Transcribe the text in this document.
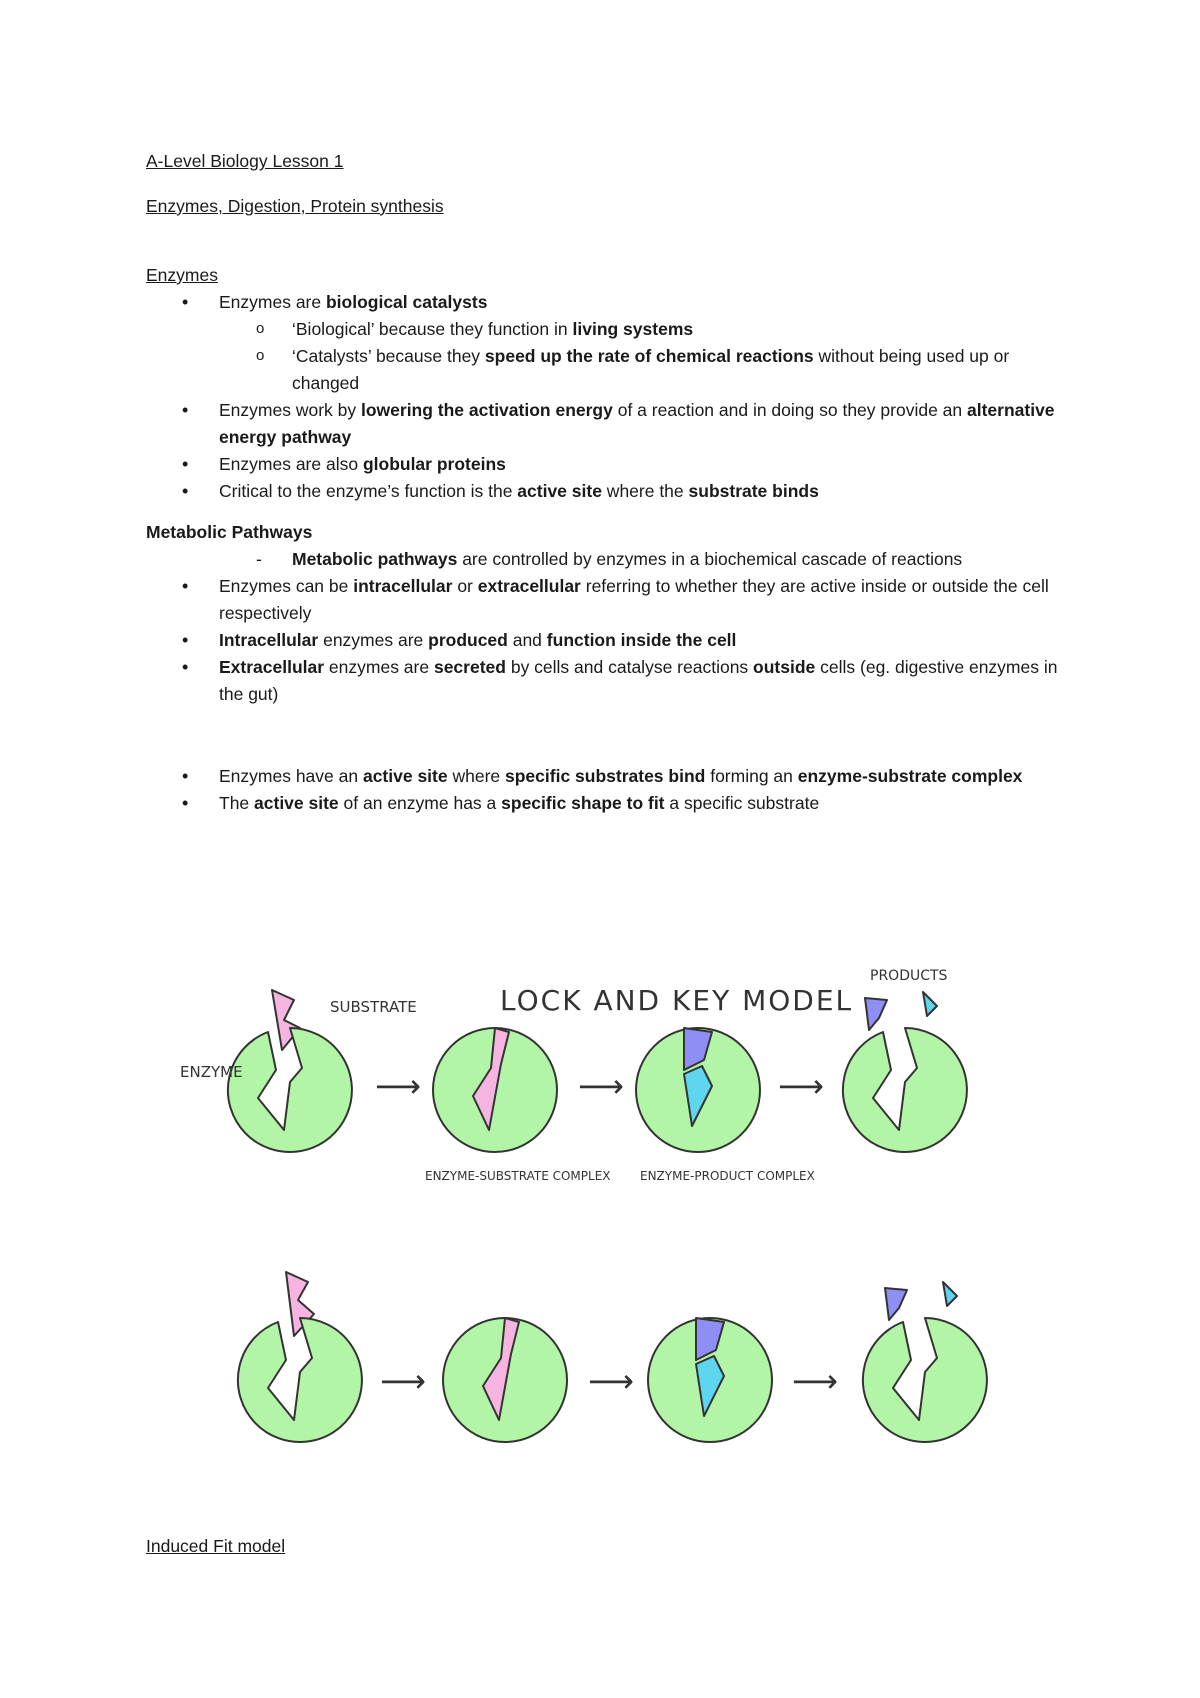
A-Level Biology Lesson 1

Enzymes, Digestion, Protein synthesis

Enzymes

• Enzymes are biological catalysts
o ‘Biological’ because they function in living systems
o ‘Catalysts’ because they speed up the rate of chemical reactions without being used up or changed
• Enzymes work by lowering the activation energy of a reaction and in doing so they provide an alternative energy pathway
• Enzymes are also globular proteins
• Critical to the enzyme’s function is the active site where the substrate binds

Metabolic Pathways

- Metabolic pathways are controlled by enzymes in a biochemical cascade of reactions
• Enzymes can be intracellular or extracellular referring to whether they are active inside or outside the cell respectively
• Intracellular enzymes are produced and function inside the cell
• Extracellular enzymes are secreted by cells and catalyse reactions outside cells (eg. digestive enzymes in the gut)
• Enzymes have an active site where specific substrates bind forming an enzyme-substrate complex
• The active site of an enzyme has a specific shape to fit a specific substrate
LOCK AND KEY MODEL
SUBSTRATE
ENZYME	⟶
ENZYME-SUBSTRATE COMPLEX
⟶
ENZYME-PRODUCT COMPLEX
⟶
PRODUCTS
⟶	⟶	⟶
Induced Fit model
